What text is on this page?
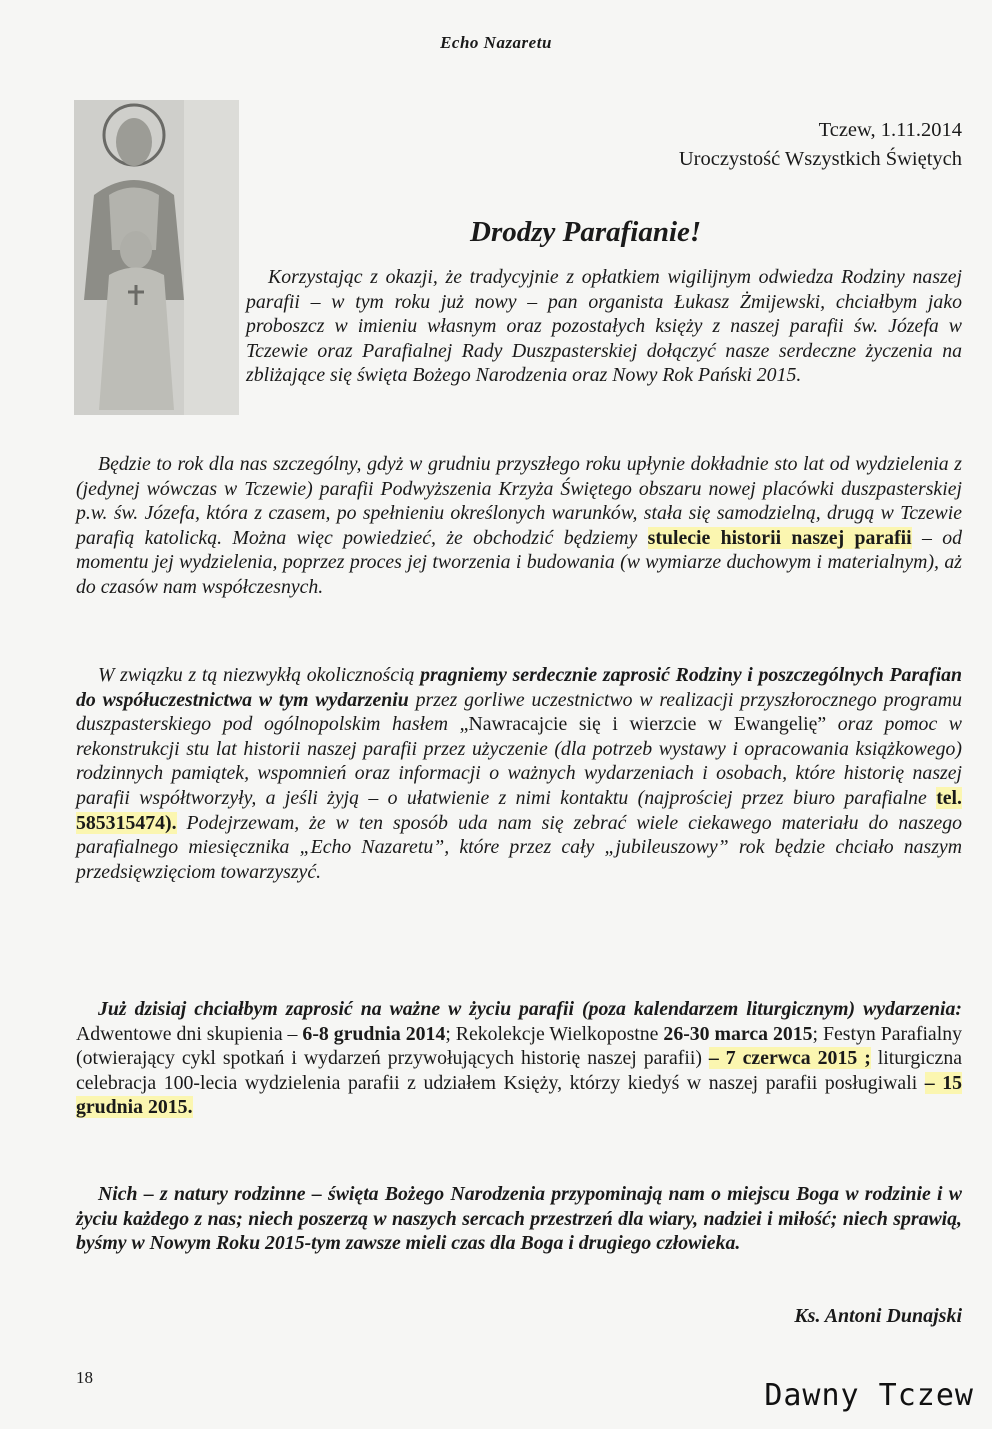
Echo Nazaretu
Tczew, 1.11.2014
Uroczystość Wszystkich Świętych
Drodzy Parafianie!
Korzystając z okazji, że tradycyjnie z opłatkiem wigilijnym odwiedza Rodziny naszej parafii – w tym roku już nowy – pan organista Łukasz Żmijewski, chciałbym jako proboszcz w imieniu własnym oraz pozostałych księży z naszej parafii św. Józefa w Tczewie oraz Parafialnej Rady Duszpasterskiej dołączyć nasze serdeczne życzenia na zbliżające się święta Bożego Narodzenia oraz Nowy Rok Pański 2015.
Będzie to rok dla nas szczególny, gdyż w grudniu przyszłego roku upłynie dokładnie sto lat od wydzielenia z (jedynej wówczas w Tczewie) parafii Podwyższenia Krzyża Świętego obszaru nowej placówki duszpasterskiej p.w. św. Józefa, która z czasem, po spełnieniu określonych warunków, stała się samodzielną, drugą w Tczewie parafią katolicką. Można więc powiedzieć, że obchodzić będziemy stulecie historii naszej parafii – od momentu jej wydzielenia, poprzez proces jej tworzenia i budowania (w wymiarze duchowym i materialnym), aż do czasów nam współczesnych.
W związku z tą niezwykłą okolicznością pragniemy serdecznie zaprosić Rodziny i poszczególnych Parafian do współuczestnictwa w tym wydarzeniu przez gorliwe uczestnictwo w realizacji przyszłorocznego programu duszpasterskiego pod ogólnopolskim hasłem „Nawracajcie się i wierzcie w Ewangelię” oraz pomoc w rekonstrukcji stu lat historii naszej parafii przez użyczenie (dla potrzeb wystawy i opracowania książkowego) rodzinnych pamiątek, wspomnień oraz informacji o ważnych wydarzeniach i osobach, które historię naszej parafii współtworzyły, a jeśli żyją – o ułatwienie z nimi kontaktu (najprościej przez biuro parafialne tel. 585315474). Podejrzewam, że w ten sposób uda nam się zebrać wiele ciekawego materiału do naszego parafialnego miesięcznika „Echo Nazaretu”, które przez cały „jubileuszowy” rok będzie chciało naszym przedsięwzięciom towarzyszyć.
Już dzisiaj chciałbym zaprosić na ważne w życiu parafii (poza kalendarzem liturgicznym) wydarzenia: Adwentowe dni skupienia – 6-8 grudnia 2014; Rekolekcje Wielkopostne 26-30 marca 2015; Festyn Parafialny (otwierający cykl spotkań i wydarzeń przywołujących historię naszej parafii) – 7 czerwca 2015 ; liturgiczna celebracja 100-lecia wydzielenia parafii z udziałem Księży, którzy kiedyś w naszej parafii posługiwali – 15 grudnia 2015.
Nich – z natury rodzinne – święta Bożego Narodzenia przypominają nam o miejscu Boga w rodzinie i w życiu każdego z nas; niech poszerzą w naszych sercach przestrzeń dla wiary, nadziei i miłość; niech sprawią, byśmy w Nowym Roku 2015-tym zawsze mieli czas dla Boga i drugiego człowieka.
Ks. Antoni Dunajski
18
Dawny Tczew
